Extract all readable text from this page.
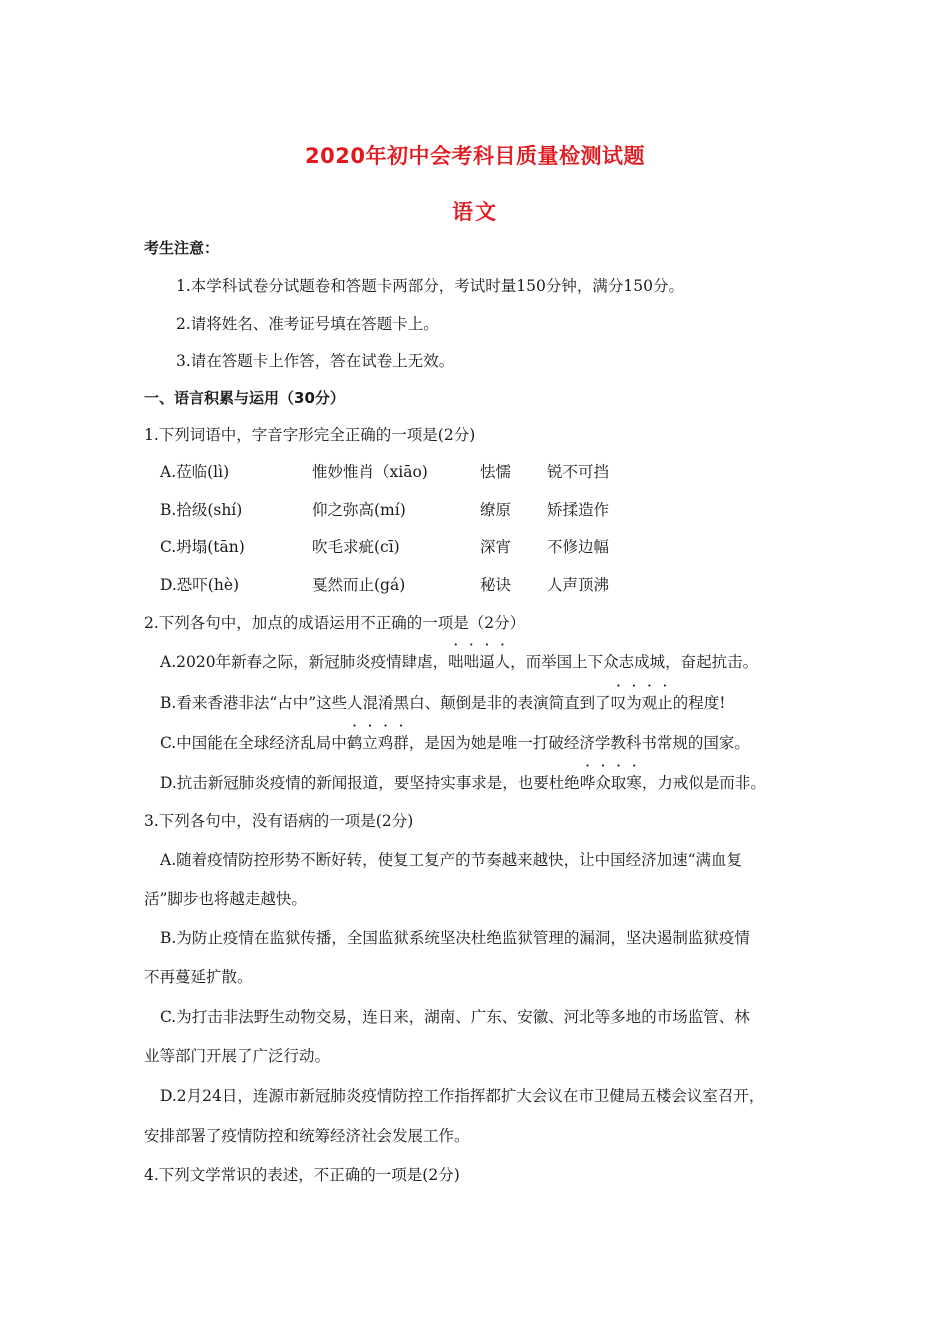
2020年初中会考科目质量检测试题
语文
考生注意：
1.本学科试卷分试题卷和答题卡两部分，考试时量150分钟，满分150分。
2.请将姓名、准考证号填在答题卡上。
3.请在答题卡上作答，答在试卷上无效。
一、语言积累与运用（30分）
1.下列词语中，字音字形完全正确的一项是(2分)
A.莅临(lì)	惟妙惟肖（xiāo)	怯懦 锐不可挡
B.拾级(shí)	仰之弥高(mí)	缭原 矫揉造作
C.坍塌(tān)	吹毛求疵(cī)	深宵 不修边幅
D.恐吓(hè)	戛然而止(gá)	秘诀 人声顶沸
2.下列各句中，加点的成语运用不正确的一项是（2分）
A.2020年新春之际，新冠肺炎疫情肆虐，咄咄逼人，而举国上下众志成城，奋起抗击。
B.看来香港非法“占中”这些人混淆黑白、颠倒是非的表演简直到了叹为观止的程度!
C.中国能在全球经济乱局中鹤立鸡群，是因为她是唯一打破经济学教科书常规的国家。
D.抗击新冠肺炎疫情的新闻报道，要坚持实事求是，也要杜绝哗众取寒，力戒似是而非。
3.下列各句中，没有语病的一项是(2分)
A.随着疫情防控形势不断好转，使复工复产的节奏越来越快，让中国经济加速“满血复
活”脚步也将越走越快。
B.为防止疫情在监狱传播，全国监狱系统坚决杜绝监狱管理的漏洞，坚决遏制监狱疫情
不再蔓延扩散。
C.为打击非法野生动物交易，连日来，湖南、广东、安徽、河北等多地的市场监管、林
业等部门开展了广泛行动。
D.2月24日，连源市新冠肺炎疫情防控工作指挥都扩大会议在市卫健局五楼会议室召开，
安排部署了疫情防控和统筹经济社会发展工作。
4.下列文学常识的表述，不正确的一项是(2分)
